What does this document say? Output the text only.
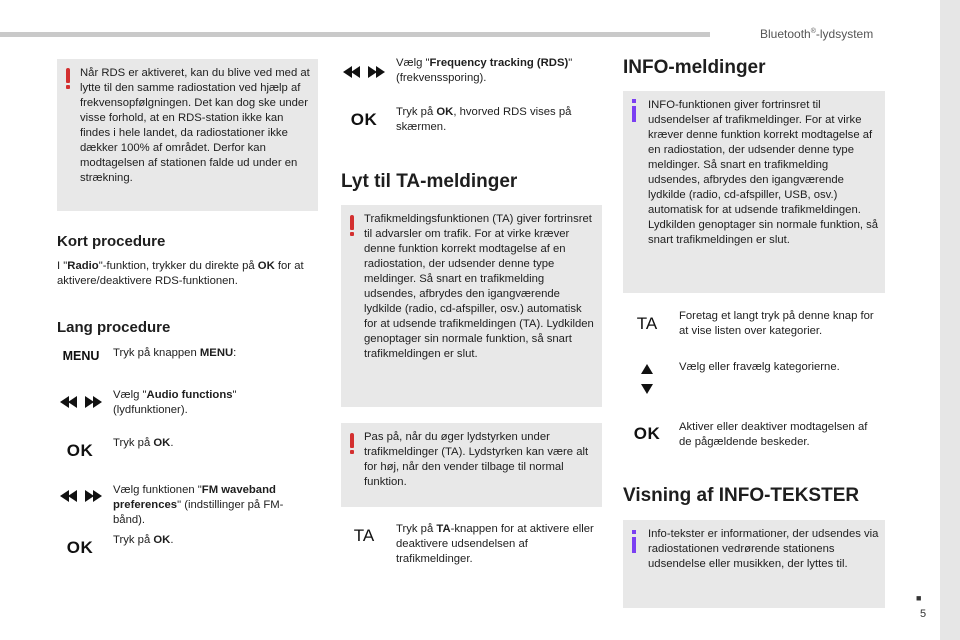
Bluetooth®-lydsystem
■
5
Når RDS er aktiveret, kan du blive ved med at lytte til den samme radiostation ved hjælp af frekvensopfølgningen. Det kan dog ske under visse forhold, at en RDS-station ikke kan findes i hele landet, da radiostationer ikke dækker 100% af området. Derfor kan modtagelsen af stationen falde ud under en strækning.
Kort procedure
I "Radio"-funktion, trykker du direkte på OK for at aktivere/deaktivere RDS-funktionen.
Lang procedure
MENU	Tryk på knappen MENU:
Vælg "Audio functions" (lydfunktioner).
OK	Tryk på OK.
Vælg funktionen "FM waveband preferences" (indstillinger på FM-bånd).
OK	Tryk på OK.
Vælg "Frequency tracking (RDS)" (frekvenssporing).
OK	Tryk på OK, hvorved RDS vises på skærmen.
Lyt til TA-meldinger
Trafikmeldingsfunktionen (TA) giver fortrinsret til advarsler om trafik. For at virke kræver denne funktion korrekt modtagelse af en radiostation, der udsender denne type meldinger. Så snart en trafikmelding udsendes, afbrydes den igangværende lydkilde (radio, cd-afspiller, osv.) automatisk for at udsende trafikmeldingen (TA). Lydkilden genoptager sin normale funktion, så snart trafikmeldingen er slut.
Pas på, når du øger lydstyrken under trafikmeldinger (TA). Lydstyrken kan være alt for høj, når den vender tilbage til normal funktion.
TA	Tryk på TA-knappen for at aktivere eller deaktivere udsendelsen af trafikmeldinger.
INFO-meldinger
INFO-funktionen giver fortrinsret til udsendelser af trafikmeldinger. For at virke kræver denne funktion korrekt modtagelse af en radiostation, der udsender denne type meldinger. Så snart en trafikmelding udsendes, afbrydes den igangværende lydkilde (radio, cd-afspiller, USB, osv.) automatisk for at udsende trafikmeldingen. Lydkilden genoptager sin normale funktion, så snart trafikmeldingen er slut.
TA	Foretag et langt tryk på denne knap for at vise listen over kategorier.
Vælg eller fravælg kategorierne.
OK	Aktiver eller deaktiver modtagelsen af de pågældende beskeder.
Visning af INFO-TEKSTER
Info-tekster er informationer, der udsendes via radiostationen vedrørende stationens udsendelse eller musikken, der lyttes til.
